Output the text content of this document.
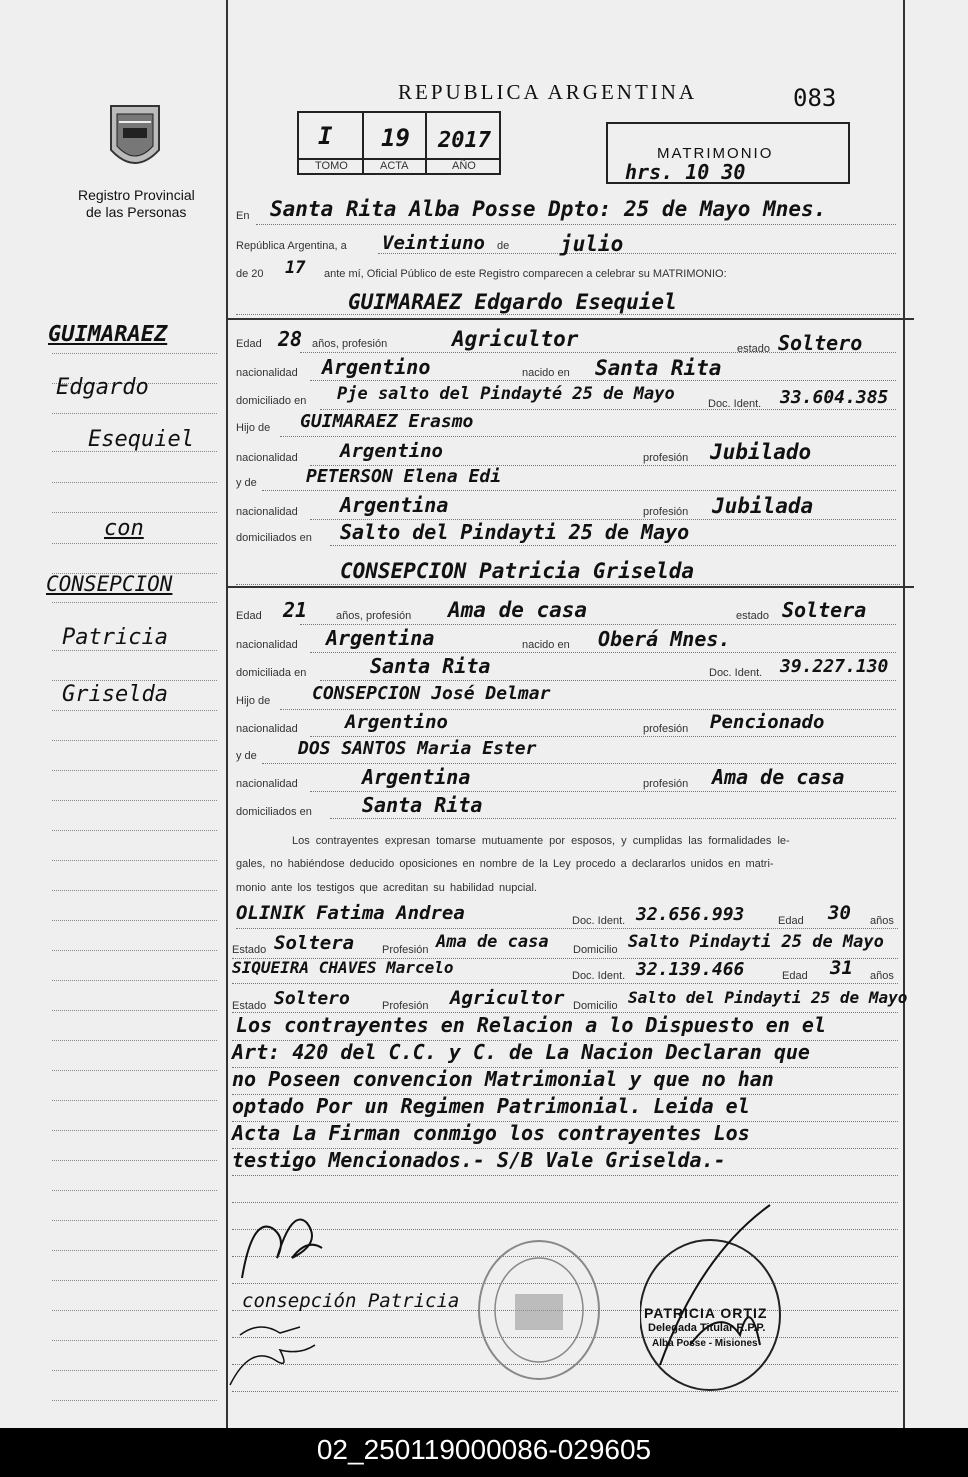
Registro Provincial
de las Personas
REPUBLICA ARGENTINA	083
I 19 2017
TOMO	ACTA	AÑO
MATRIMONIO
hrs. 10 30
En Santa Rita Alba Posse Dpto: 25 de Mayo Mnes.
República Argentina, a Veintiuno de julio
de 20 17 ante mí, Oficial Público de este Registro comparecen a celebrar su MATRIMONIO:
GUIMARAEZ Edgardo Esequiel
Edad 28 años, profesión	Agricultor	estado Soltero
nacionalidad Argentino	nacido en Santa Rita
domiciliado en Pje salto del Pindayté 25 de Mayo	Doc. Ident. 33.604.385
Hijo de GUIMARAEZ Erasmo
nacionalidad Argentino	profesión Jubilado
y de	PETERSON Elena Edi
nacionalidad Argentina	profesión Jubilada
domiciliados en Salto del Pindayti 25 de Mayo
CONSEPCION Patricia Griselda
Edad 21	años, profesión Ama de casa	estado Soltera
nacionalidad Argentina	nacido en Oberá Mnes.
domiciliada en	Santa Rita	Doc. Ident. 39.227.130
Hijo de CONSEPCION José Delmar
nacionalidad Argentino	profesión Pencionado
y de DOS SANTOS Maria Ester
nacionalidad	Argentina	profesión Ama de casa
domiciliados en	Santa Rita
Los contrayentes expresan tomarse mutuamente por esposos, y cumplidas las formalidades le-
gales, no habiéndose deducido oposiciones en nombre de la Ley procedo a declararlos unidos en matri-
monio ante los testigos que acreditan su habilidad nupcial.
OLINIK Fatima Andrea	Doc. Ident. 32.656.993	Edad 30 años
Estado Soltera	Profesión Ama de casa Domicilio Salto Pindayti 25 de Mayo
SIQUEIRA CHAVES Marcelo	Doc. Ident. 32.139.466	Edad 31 años
Estado Soltero	Profesión Agricultor Domicilio Salto del Pindayti 25 de Mayo
Los contrayentes en Relacion a lo Dispuesto en el
Art: 420 del C.C. y C. de La Nacion Declaran que
no Poseen convencion Matrimonial y que no han
optado Por un Regimen Patrimonial. Leida el
Acta La Firman conmigo los contrayentes Los
testigo Mencionados.- S/B Vale Griselda.-
consepción Patricia
PATRICIA ORTIZ
Delegada Titular R.P.P.
Alba Posse - Misiones
GUIMARAEZ
Edgardo
Esequiel
con
CONSEPCION
Patricia
Griselda
02_250119000086-029605
